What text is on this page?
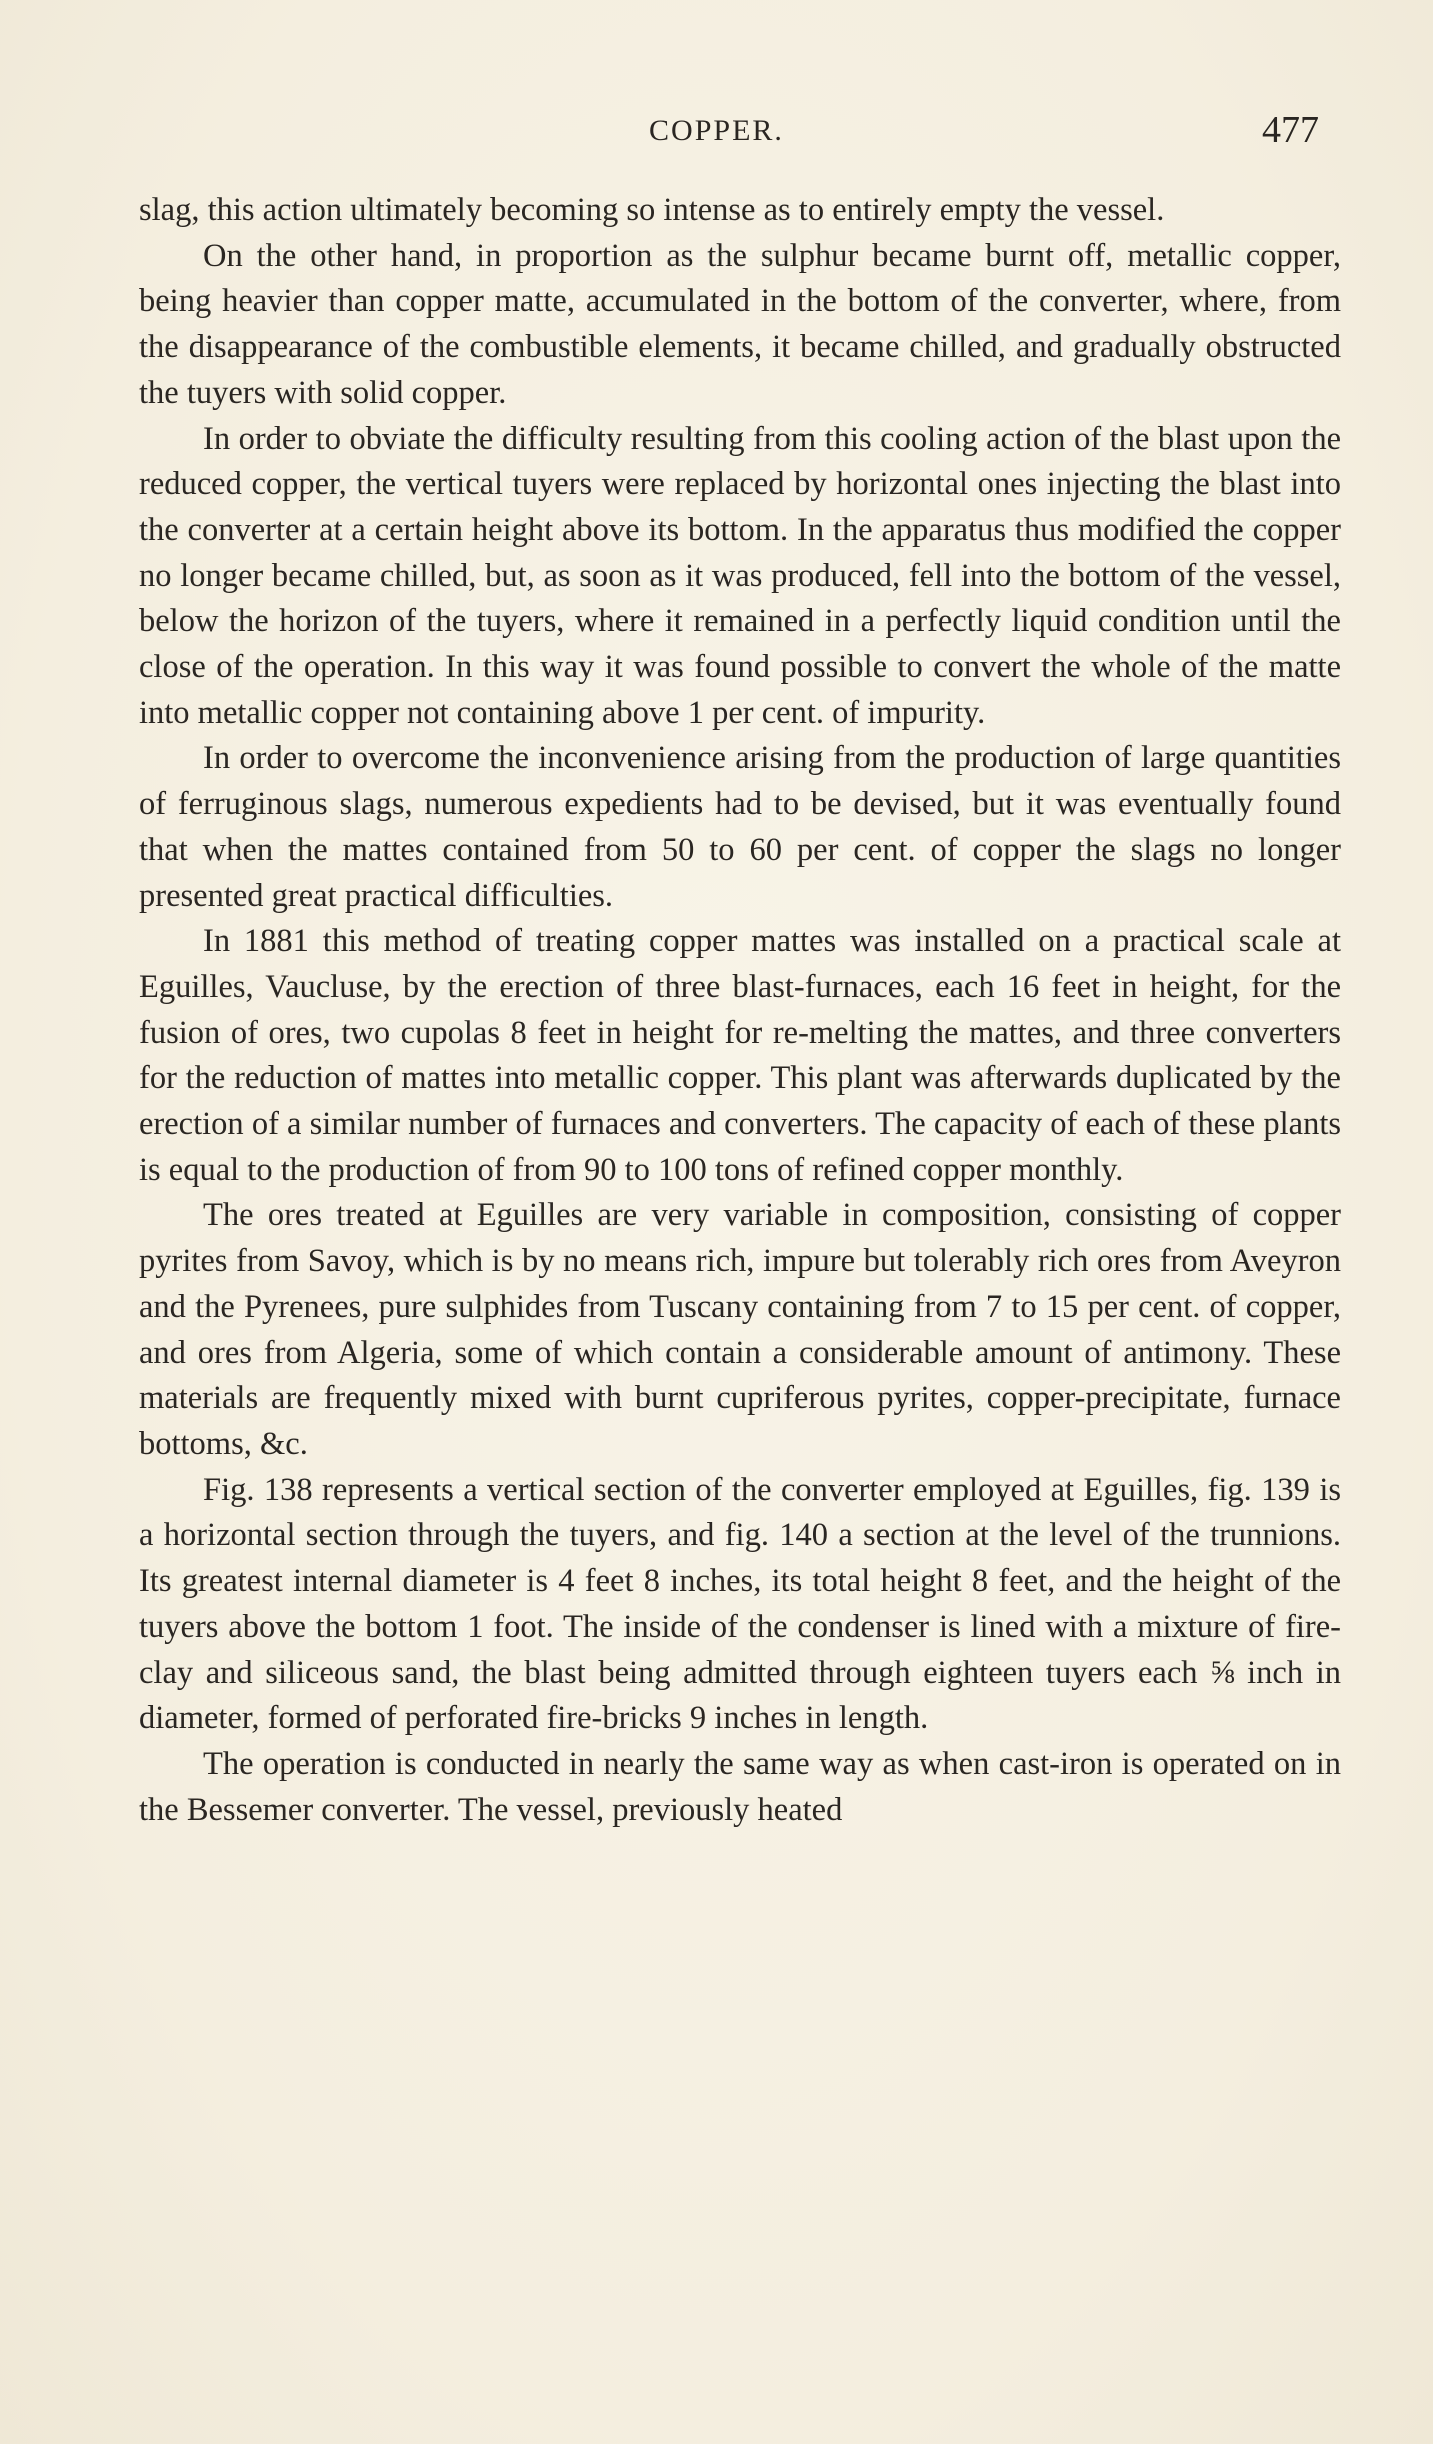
COPPER.	477

slag, this action ultimately becoming so intense as to entirely empty the vessel.

On the other hand, in proportion as the sulphur became burnt off, metallic copper, being heavier than copper matte, accumulated in the bottom of the converter, where, from the disappearance of the combustible elements, it became chilled, and gradually obstructed the tuyers with solid copper.

In order to obviate the difficulty resulting from this cooling action of the blast upon the reduced copper, the vertical tuyers were replaced by horizontal ones injecting the blast into the converter at a certain height above its bottom. In the apparatus thus modified the copper no longer became chilled, but, as soon as it was produced, fell into the bottom of the vessel, below the horizon of the tuyers, where it remained in a perfectly liquid condition until the close of the operation. In this way it was found possible to convert the whole of the matte into metallic copper not containing above 1 per cent. of impurity.

In order to overcome the inconvenience arising from the production of large quantities of ferruginous slags, numerous expedients had to be devised, but it was eventually found that when the mattes contained from 50 to 60 per cent. of copper the slags no longer presented great practical difficulties.

In 1881 this method of treating copper mattes was installed on a practical scale at Eguilles, Vaucluse, by the erection of three blast-furnaces, each 16 feet in height, for the fusion of ores, two cupolas 8 feet in height for re-melting the mattes, and three converters for the reduction of mattes into metallic copper. This plant was afterwards duplicated by the erection of a similar number of furnaces and converters. The capacity of each of these plants is equal to the production of from 90 to 100 tons of refined copper monthly.

The ores treated at Eguilles are very variable in composition, consisting of copper pyrites from Savoy, which is by no means rich, impure but tolerably rich ores from Aveyron and the Pyrenees, pure sulphides from Tuscany containing from 7 to 15 per cent. of copper, and ores from Algeria, some of which contain a considerable amount of antimony. These materials are frequently mixed with burnt cupriferous pyrites, copper-precipitate, furnace bottoms, &c.

Fig. 138 represents a vertical section of the converter employed at Eguilles, fig. 139 is a horizontal section through the tuyers, and fig. 140 a section at the level of the trunnions. Its greatest internal diameter is 4 feet 8 inches, its total height 8 feet, and the height of the tuyers above the bottom 1 foot. The inside of the condenser is lined with a mixture of fire-clay and siliceous sand, the blast being admitted through eighteen tuyers each ⅝ inch in diameter, formed of perforated fire-bricks 9 inches in length.

The operation is conducted in nearly the same way as when cast-iron is operated on in the Bessemer converter. The vessel, previously heated
